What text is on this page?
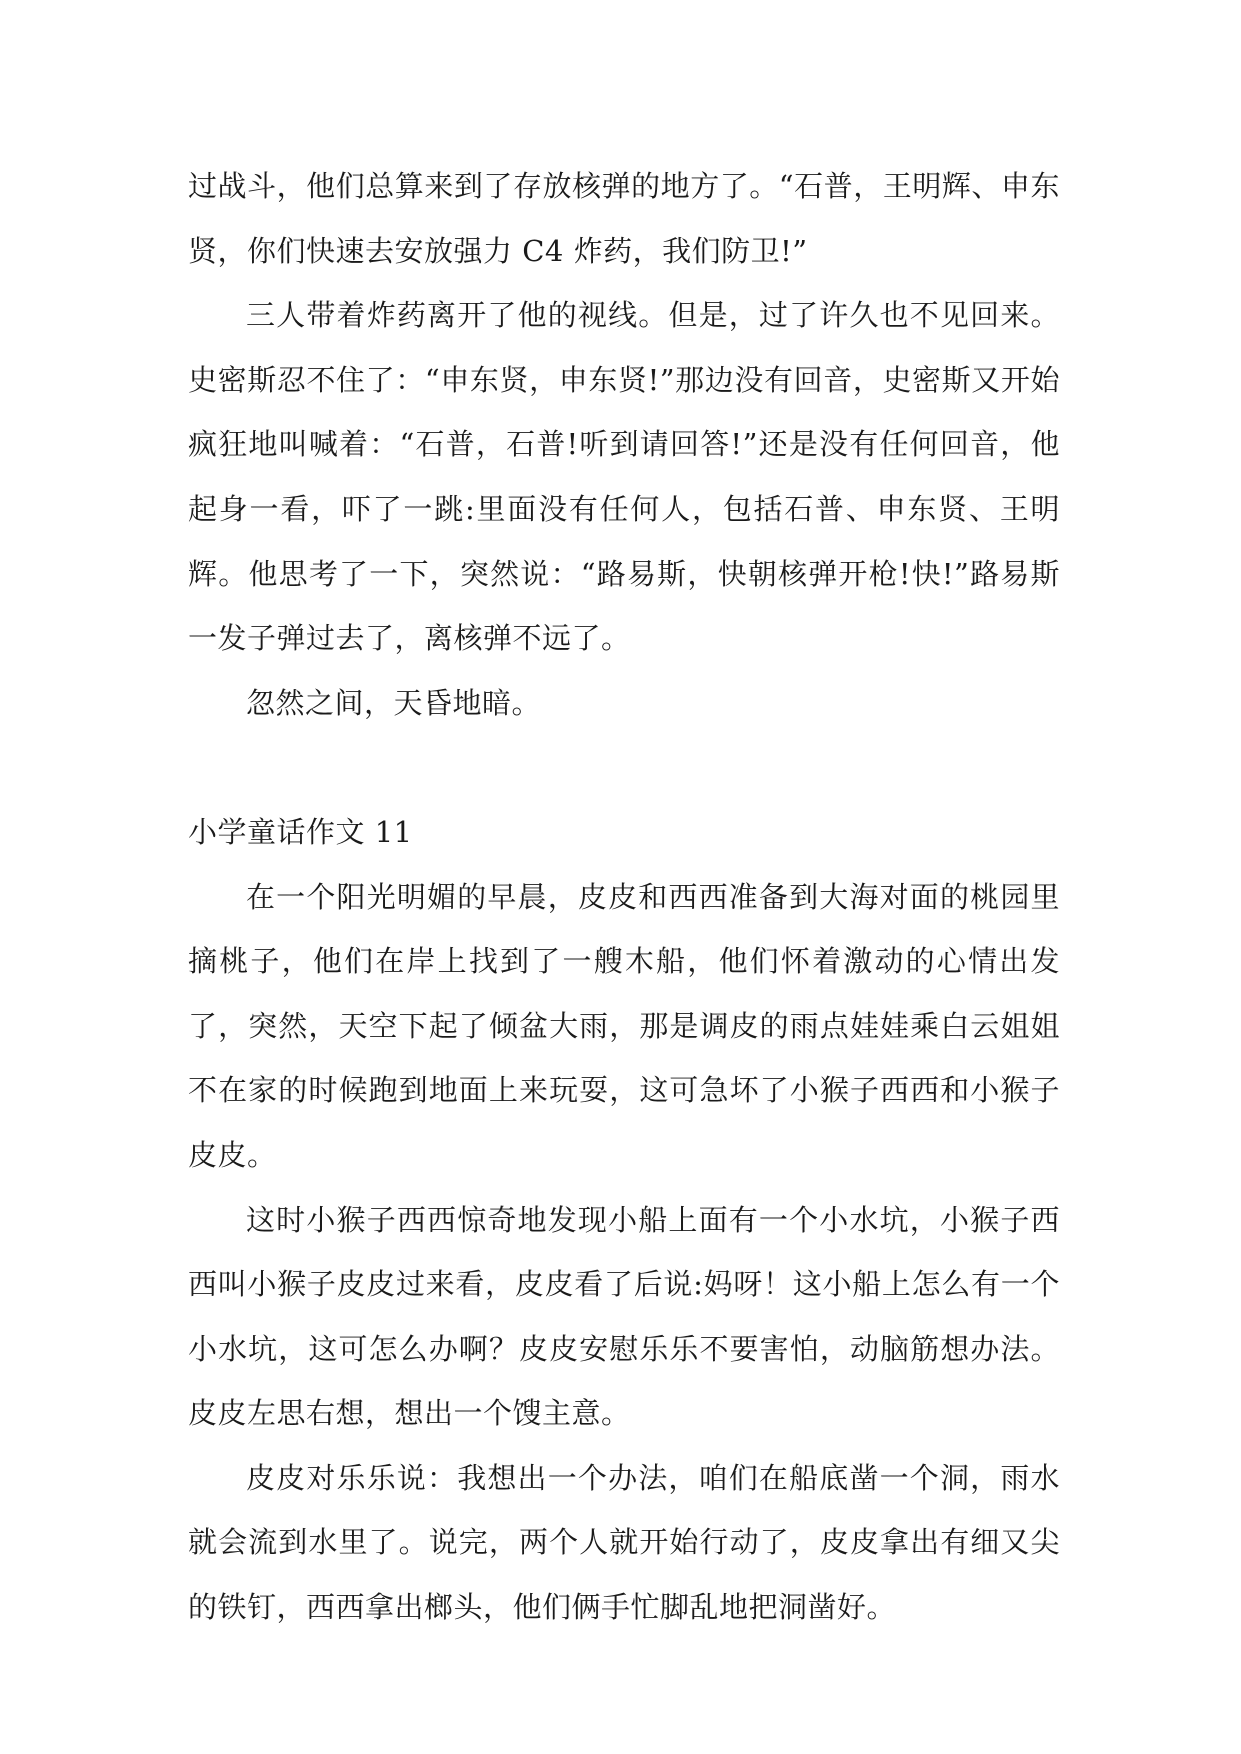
过战斗，他们总算来到了存放核弹的地方了。“石普，王明辉、申东贤，你们快速去安放强力 C4 炸药，我们防卫!”

三人带着炸药离开了他的视线。但是，过了许久也不见回来。史密斯忍不住了：“申东贤，申东贤!”那边没有回音，史密斯又开始疯狂地叫喊着：“石普，石普!听到请回答!”还是没有任何回音，他起身一看，吓了一跳:里面没有任何人，包括石普、申东贤、王明辉。他思考了一下，突然说：“路易斯，快朝核弹开枪!快!”路易斯一发子弹过去了，离核弹不远了。

忽然之间，天昏地暗。

小学童话作文 11

在一个阳光明媚的早晨，皮皮和西西准备到大海对面的桃园里摘桃子，他们在岸上找到了一艘木船，他们怀着激动的心情出发了，突然，天空下起了倾盆大雨，那是调皮的雨点娃娃乘白云姐姐不在家的时候跑到地面上来玩耍，这可急坏了小猴子西西和小猴子皮皮。

这时小猴子西西惊奇地发现小船上面有一个小水坑，小猴子西西叫小猴子皮皮过来看，皮皮看了后说:妈呀！这小船上怎么有一个小水坑，这可怎么办啊？皮皮安慰乐乐不要害怕，动脑筋想办法。皮皮左思右想，想出一个馊主意。

皮皮对乐乐说：我想出一个办法，咱们在船底凿一个洞，雨水就会流到水里了。说完，两个人就开始行动了，皮皮拿出有细又尖的铁钉，西西拿出榔头，他们俩手忙脚乱地把洞凿好。
